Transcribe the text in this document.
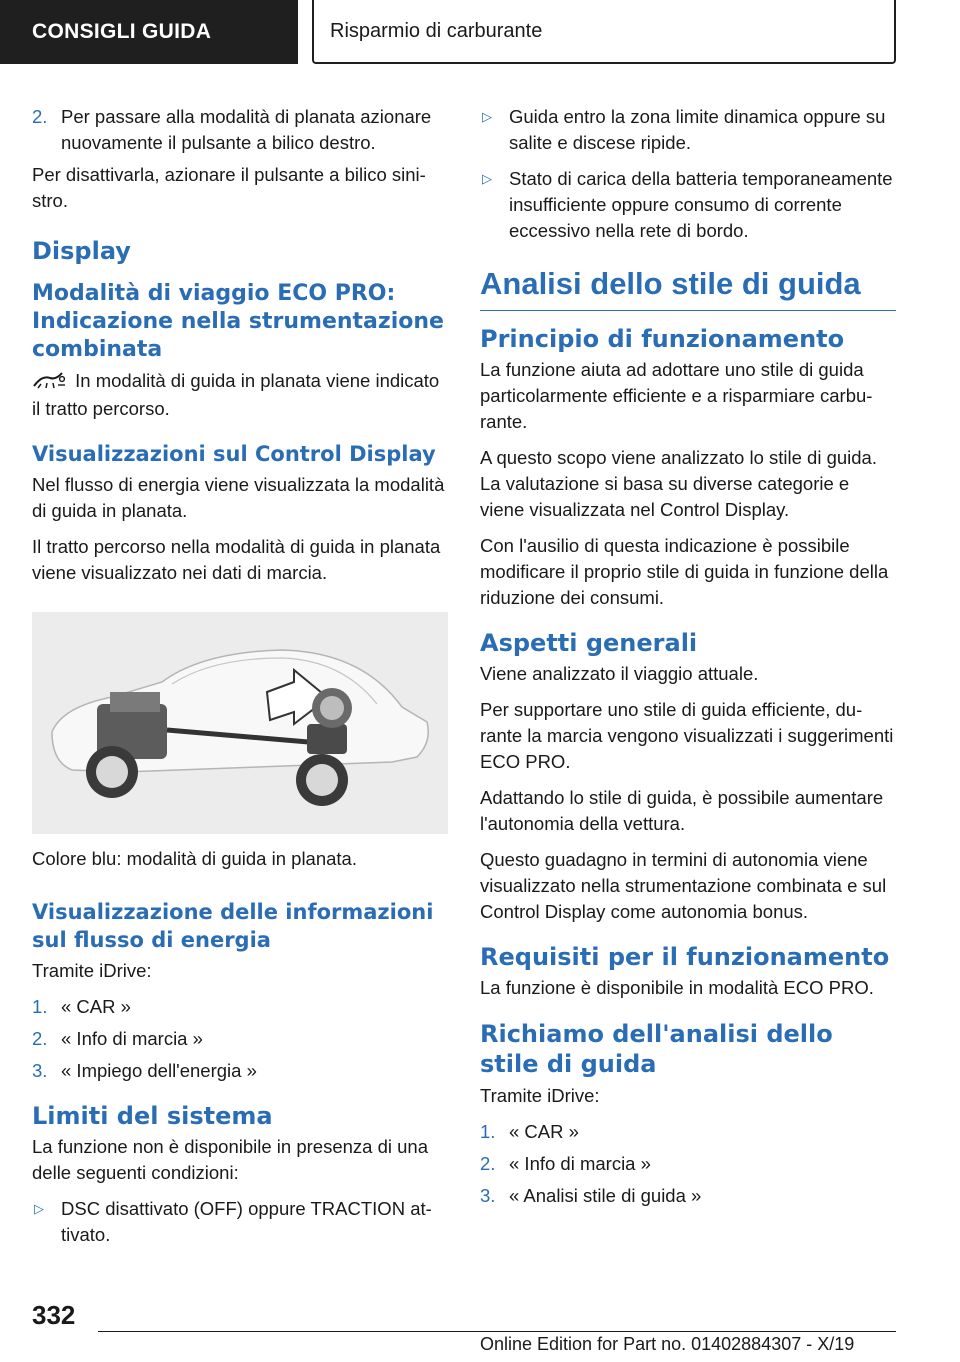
CONSIGLI GUIDA	Risparmio di carburante
2. Per passare alla modalità di planata azionare nuovamente il pulsante a bilico destro.

Per disattivarla, azionare il pulsante a bilico sinistro.

Display
Modalità di viaggio ECO PRO: Indicazione nella strumentazione combinata

In modalità di guida in planata viene indicato il tratto percorso.

Visualizzazioni sul Control Display

Nel flusso di energia viene visualizzata la modalità di guida in planata.

Il tratto percorso nella modalità di guida in planata viene visualizzato nei dati di marcia.

Colore blu: modalità di guida in planata.

Visualizzazione delle informazioni sul flusso di energia

Tramite iDrive:

1. « CAR »
2. « Info di marcia »
3. « Impiego dell'energia »
Limiti del sistema

La funzione non è disponibile in presenza di una delle seguenti condizioni:

▷ DSC disattivato (OFF) oppure TRACTION attivato.
▷ Guida entro la zona limite dinamica oppure su salite e discese ripide.
▷ Stato di carica della batteria temporaneamente insufficiente oppure consumo di corrente eccessivo nella rete di bordo.
Analisi dello stile di guida
Principio di funzionamento

La funzione aiuta ad adottare uno stile di guida particolarmente efficiente e a risparmiare carburante.

A questo scopo viene analizzato lo stile di guida. La valutazione si basa su diverse categorie e viene visualizzata nel Control Display.

Con l'ausilio di questa indicazione è possibile modificare il proprio stile di guida in funzione della riduzione dei consumi.

Aspetti generali

Viene analizzato il viaggio attuale.

Per supportare uno stile di guida efficiente, durante la marcia vengono visualizzati i suggerimenti ECO PRO.

Adattando lo stile di guida, è possibile aumentare l'autonomia della vettura.

Questo guadagno in termini di autonomia viene visualizzato nella strumentazione combinata e sul Control Display come autonomia bonus.

Requisiti per il funzionamento

La funzione è disponibile in modalità ECO PRO.

Richiamo dell'analisi dello stile di guida

Tramite iDrive:

1. « CAR »
2. « Info di marcia »
3. « Analisi stile di guida »
332
Online Edition for Part no. 01402884307 - X/19
